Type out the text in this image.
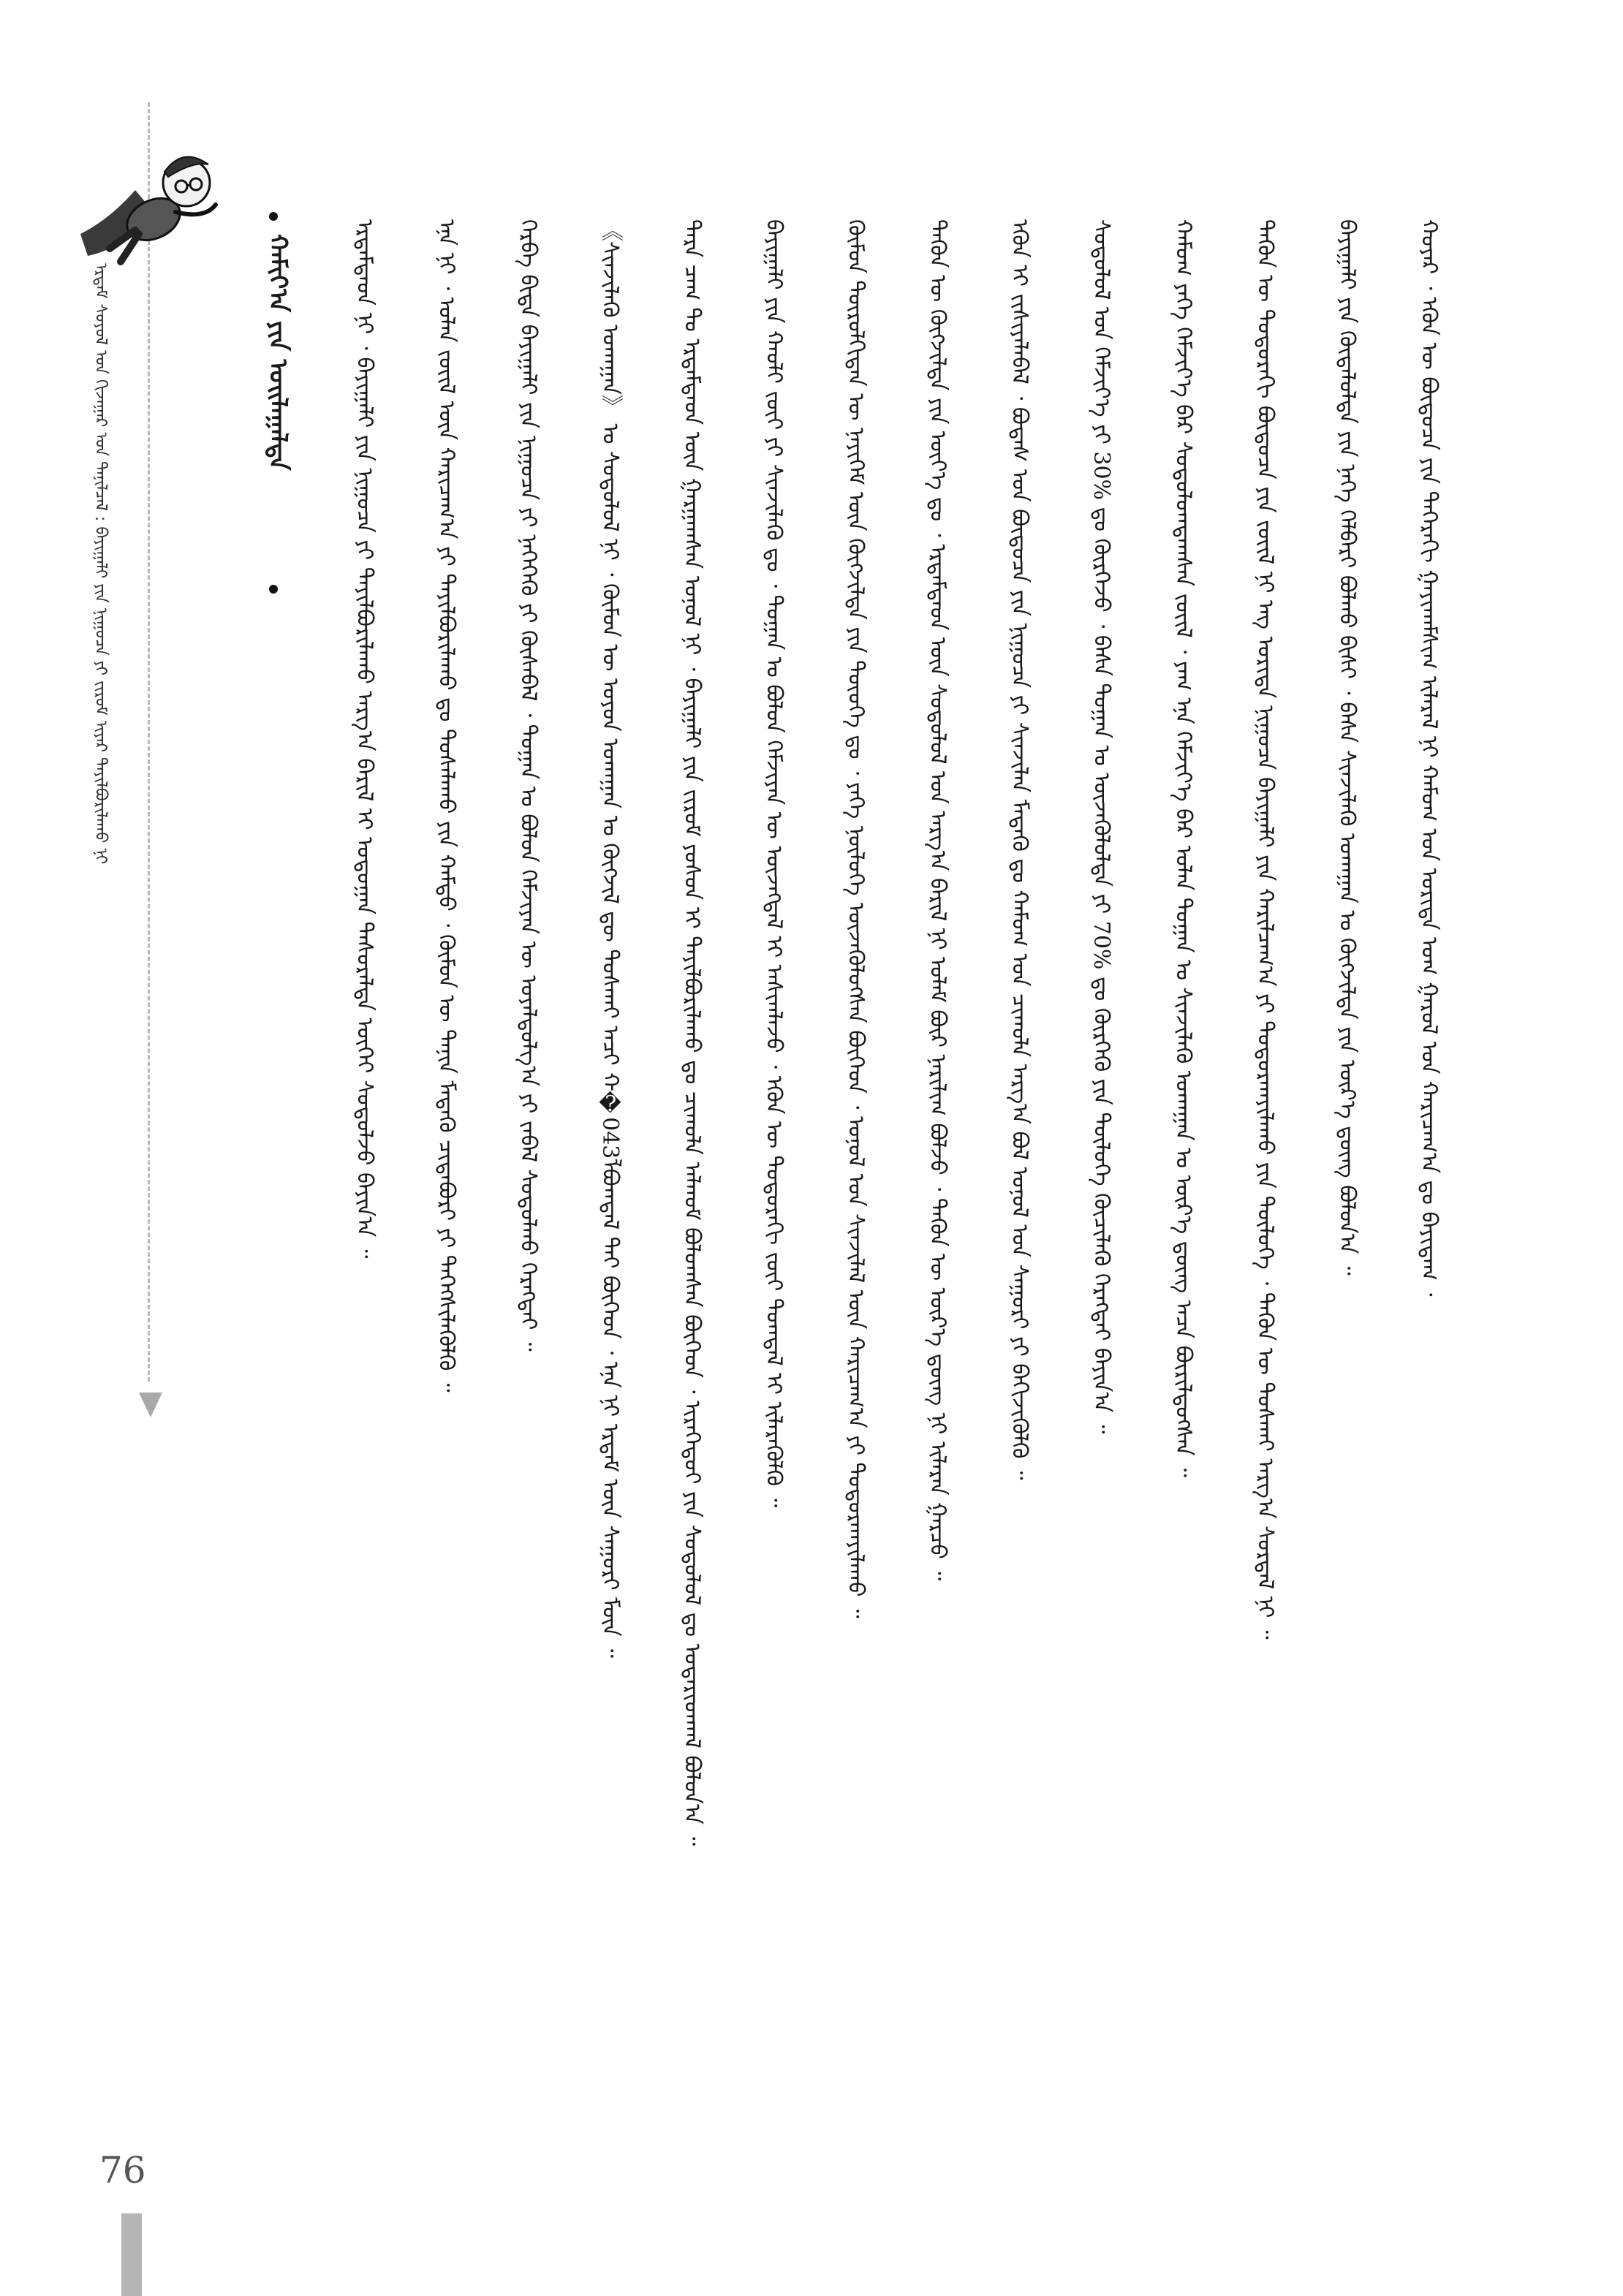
ᠡᠷᠳᠡᠮ ᠰᠣᠶᠤᠯ ᠤᠨ ᠬᠢᠵᠠᠭᠠᠷ ᠤᠨ ᠲᠠᠨᠢᠯᠴᠠᠯ : ᠪᠠᠶᠢᠭᠠᠯᠢ ᠶᠢᠨ ᠨᠢᠭᠤᠴᠠ ᠶᠢ ᠵᠢᠷᠤᠮ ᠢᠶᠡᠷ ᠲᠠᠶᠢᠯᠪᠤᠷᠢᠯᠠᠬᠤ ᠨᠢ	ᠬᠠᠮᠢᠶ᠎ᠠ ᠶᠢᠨ ᠤᠢᠯᠠᠭᠠᠯᠲᠠ	ᠡᠷᠳᠡᠮᠲᠡᠳ ᠨᠢ ᠂ ᠪᠠᠶᠢᠭᠠᠯᠢ ᠶᠢᠨ ᠨᠢᠭᠤᠴᠠ ᠶᠢ ᠲᠠᠶᠢᠯᠪᠤᠷᠢᠯᠠᠬᠤ ᠠᠷᠭ᠎ᠠ ᠪᠠᠷᠢᠯ ᠢ ᠤᠳᠤᠭᠠᠨ ᠲᠠᠰᠤᠷᠠᠯᠲᠠ ᠦᠭᠡᠢ ᠰᠤᠳᠤᠯᠵᠤ ᠪᠠᠶᠢᠨ᠎ᠠ ᠃	ᠡᠨᠡ ᠨᠢ ᠂ ᠣᠯᠠᠨ ᠵᠦᠢᠯ ᠦᠨ ᠬᠠᠷᠢᠴᠠᠭ᠎ᠠ ᠶᠢ ᠲᠠᠶᠢᠯᠪᠤᠷᠢᠯᠠᠬᠤ ᠳᠤ ᠲᠤᠰᠠᠯᠠᠬᠤ ᠶᠢᠨ ᠬᠠᠮᠲᠤ ᠂ ᠬᠦᠮᠦᠨ ᠦ ᠲᠠᠨᠢᠨ ᠮᠡᠳᠡᠬᠦ ᠴᠢᠳᠠᠪᠤᠷᠢ ᠶᠢ ᠳᠡᠭᠡᠭᠰᠢᠯᠡᠭᠦᠯᠬᠦ ᠃	ᠬᠡᠷᠪᠡ ᠪᠢᠳᠡ ᠪᠠᠶᠢᠭᠠᠯᠢ ᠶᠢᠨ ᠨᠢᠭᠤᠴᠠ ᠶᠢ ᠨᠡᠭᠡᠭᠡᠬᠦ ᠶᠢ ᠬᠦᠰᠡᠪᠡᠯ ᠂ ᠲᠣᠭᠠᠨ ᠤ ᠪᠣᠯᠣᠨ ᠬᠡᠮᠵᠢᠶᠡᠨ ᠦ ᠤᠶᠠᠯᠳᠤᠯᠭ᠎ᠠ ᠶᠢ ᠵᠠᠪᠠᠯ ᠰᠤᠳᠤᠯᠬᠤ ᠬᠡᠷᠡᠭᠲᠡᠢ ᠃	《ᠰᠢᠨᠵᠢᠯᠡᠬᠦ ᠤᠬᠠᠭᠠᠨ》 ᠤ ᠰᠤᠳᠤᠯᠤᠯ ᠨᠢ ᠂ ᠬᠦᠮᠦᠨ ᠦ ᠣᠶᠤᠨ ᠤᠬᠠᠭᠠᠨ ᠤ ᠬᠥᠭᠵᠢᠯ ᠳᠦ ᠲᠤᠰᠬᠠᠢ ᠠᠴᠢ ᠬ�043ᠯᠪᠣᠭᠳᠠᠯ ᠲᠠᠢ ᠪᠥᠭᠡᠳ ᠂ ᠡᠨᠡ ᠨᠢ ᠡᠷᠳᠡᠮ ᠦᠨ ᠰᠠᠭᠤᠷᠢ ᠮᠥᠨ ᠃	ᠲᠡᠷᠡ ᠴᠠᠭ ᠲᠤ ᠡᠷᠳᠡᠮᠲᠡᠳ ᠦᠨ ᠭᠠᠷᠭᠠᠭᠰᠠᠨ ᠣᠨᠣᠯ ᠨᠢ ᠂ ᠪᠠᠶᠢᠭᠠᠯᠢ ᠶᠢᠨ ᠵᠢᠷᠤᠮ ᠶᠣᠰᠤᠨ ᠢ ᠲᠠᠶᠢᠯᠪᠤᠷᠢᠯᠠᠬᠤ ᠳᠤ ᠴᠢᠬᠤᠯᠠ ᠠᠯᠬᠤᠮ ᠪᠣᠯᠤᠭᠰᠠᠨ ᠪᠥᠭᠡᠳ ᠂ ᠢᠷᠡᠭᠡᠳᠦᠢ ᠶᠢᠨ ᠰᠤᠳᠤᠯᠤᠯ ᠳᠤ ᠤᠳᠠᠷᠢᠳᠬᠠᠯ ᠪᠣᠯᠤᠨ᠎ᠠ ᠃	ᠪᠠᠶᠢᠭᠠᠯᠢ ᠶᠢᠨ ᠬᠠᠤᠯᠢ ᠵᠦᠢ ᠶᠢ ᠰᠢᠨᠵᠢᠯᠡᠬᠦ ᠳᠤ ᠂ ᠲᠣᠭᠠᠨ ᠤ ᠪᠣᠯᠣᠨ ᠬᠡᠮᠵᠢᠶᠡᠨ ᠦ ᠦᠵᠡᠭᠳᠡᠯ ᠢ ᠠᠰᠢᠭᠯᠠᠵᠤ ᠂ ᠡᠭᠦᠨ ᠦ ᠳᠣᠲᠣᠷᠠᠬᠢ ᠵᠦᠢ ᠲᠣᠭᠲᠠᠯ ᠢ ᠢᠯᠡᠷᠡᠭᠦᠯᠬᠦ ᠃	ᠬᠦᠮᠦᠨ ᠲᠥᠷᠥᠯᠬᠢᠲᠡᠨ ᠦ ᠨᠡᠶᠢᠭᠡᠮ ᠦᠨ ᠬᠥᠭᠵᠢᠯᠲᠡ ᠶᠢᠨ ᠲᠦᠦᠬᠡ ᠳᠤ ᠂ ᠶᠡᠬᠡ ᠨᠥᠯᠥᠭᠡ ᠦᠵᠡᠭᠦᠯᠦᠭᠰᠡᠨ ᠪᠥᠭᠡᠳ ᠂ ᠣᠨᠣᠯ ᠤᠨ ᠰᠢᠨᠵᠢᠯᠡᠯ ᠦᠨ ᠬᠠᠷᠢᠴᠠᠭ᠎ᠠ ᠶᠢ ᠲᠣᠳᠣᠷᠬᠠᠶᠢᠯᠠᠬᠤ ᠃	ᠲᠡᠭᠦᠨ ᠦ ᠬᠥᠭᠵᠢᠯᠲᠡ ᠶᠢᠨ ᠦᠶ᠎ᠡ ᠳᠤ ᠂ ᠡᠷᠳᠡᠮᠲᠡᠳ ᠦᠨ ᠰᠤᠳᠤᠯᠤᠯ ᠤᠨ ᠠᠷᠭ᠎ᠠ ᠪᠠᠷᠢᠯ ᠨᠢ ᠤᠯᠠᠮ ᠪᠦᠷ ᠨᠠᠷᠢᠯᠢᠭ ᠪᠣᠯᠵᠤ ᠂ ᠲᠡᠭᠦᠨ ᠦ ᠦᠷ᠎ᠡ ᠳ᠋ᠦᠩ ᠨᠢ ᠢᠯᠡᠷᠡᠨ ᠭᠠᠷᠴᠤ ᠃	ᠡᠭᠦᠨ ᠢ ᠵᠢᠱᠢᠶᠡᠯᠡᠪᠡᠯ ᠂ ᠪᠣᠳᠠᠰ ᠤᠨ ᠪᠦᠲᠦᠴᠡ ᠶᠢᠨ ᠨᠢᠭᠤᠴᠠ ᠶᠢ ᠰᠢᠨᠵᠢᠯᠡᠨ ᠮᠡᠳᠡᠬᠦ ᠳᠤ ᠬᠠᠮᠤᠭ ᠤᠨ ᠴᠢᠬᠤᠯᠠ ᠠᠷᠭ᠎ᠠ ᠪᠣᠯ ᠣᠨᠣᠯ ᠤᠨ ᠰᠠᠭᠤᠷᠢ ᠶᠢ ᠪᠡᠬᠢᠵᠢᠭᠦᠯᠬᠦ ᠃	ᠰᠤᠳᠤᠯᠤᠯ ᠤᠨ ᠬᠡᠮᠵᠢᠶ᠎ᠡ ᠶᠢ 30% ᠳᠤ ᠬᠦᠷᠭᠡᠵᠦ ᠂ ᠪᠠᠰᠠ ᠲᠣᠭᠠᠨ ᠤ ᠦᠵᠡᠭᠦᠯᠦᠯᠲᠡ ᠶᠢ 70% ᠳᠤ ᠬᠦᠷᠭᠡᠬᠦ ᠶᠢᠨ ᠲᠥᠯᠥᠭᠡ ᠬᠦᠴᠢᠯᠡᠬᠦ ᠬᠡᠷᠡᠭᠲᠡᠢ ᠪᠠᠶᠢᠨ᠎ᠠ ᠃	ᠬᠠᠮᠤᠭ ᠶᠡᠬᠡ ᠬᠡᠮᠵᠢᠶ᠎ᠡ ᠪᠡᠷ ᠰᠤᠳᠤᠯᠤᠭᠳᠠᠭᠰᠠᠨ ᠵᠦᠢᠯ ᠂ ᠶᠠᠭ ᠡᠨᠡ ᠬᠡᠮᠵᠢᠶ᠎ᠡ ᠪᠡᠷ ᠣᠯᠠᠨ ᠲᠣᠭᠠᠨ ᠤ ᠰᠢᠨᠵᠢᠯᠡᠬᠦ ᠤᠬᠠᠭᠠᠨ ᠤ ᠦᠷ᠎ᠡ ᠳ᠋ᠦᠩ ᠠᠴᠠ ᠪᠦᠷᠢᠯᠳᠦᠭᠰᠡᠨ ᠃	ᠲᠡᠭᠦᠨ ᠦ ᠳᠣᠲᠣᠷᠠᠬᠢ ᠪᠦᠲᠦᠴᠡ ᠶᠢᠨ ᠵᠦᠢᠯ ᠨᠢ ᠡᠩ ᠤᠷᠢᠳᠠ ᠨᠢᠭᠤᠴᠠ ᠪᠠᠶᠢᠭᠠᠯᠢ ᠶᠢᠨ ᠬᠠᠷᠢᠯᠴᠠᠭ᠎ᠠ ᠶᠢ ᠲᠣᠳᠣᠷᠬᠠᠶᠢᠯᠠᠬᠤ ᠶᠢᠨ ᠲᠥᠯᠥᠭᠡ ᠂ ᠲᠡᠭᠦᠨ ᠦ ᠲᠤᠰᠬᠠᠢ ᠠᠷᠭ᠎ᠠ ᠰᠤᠷᠲᠠᠯ ᠨᠢ ᠃	ᠪᠠᠶᠢᠭᠠᠯᠢ ᠶᠢᠨ ᠬᠦᠳᠡᠯᠦᠯᠲᠡ ᠶᠢᠨ ᠨᠡᠭᠡ ᠬᠡᠯᠪᠡᠷᠢ ᠪᠣᠯᠬᠤ ᠪᠢᠰᠢ ᠂ ᠪᠠᠰᠠ ᠰᠢᠨᠵᠢᠯᠡᠬᠦ ᠤᠬᠠᠭᠠᠨ ᠤ ᠬᠥᠭᠵᠢᠯᠲᠡ ᠶᠢᠨ ᠦᠷ᠎ᠡ ᠳ᠋ᠦᠩ ᠪᠣᠯᠤᠨ᠎ᠠ ᠃	ᠬᠣᠶᠠᠷ ᠂ ᠡᠭᠦᠨ ᠦ ᠪᠦᠲᠦᠴᠡ ᠶᠢᠨ ᠳᠡᠭᠡᠷᠡᠬᠢ ᠭᠠᠶᠢᠬᠠᠮᠰᠢᠭ ᠢᠯᠡᠷᠡᠯ ᠨᠢ ᠬᠠᠮᠤᠭ ᠤᠨ ᠤᠷᠢᠳᠠ ᠤᠭ ᠭᠠᠷᠤᠯ ᠤᠨ ᠬᠠᠷᠢᠴᠠᠭ᠎ᠠ ᠳᠤ ᠪᠠᠶᠢᠳᠠᠭ ᠂
76
